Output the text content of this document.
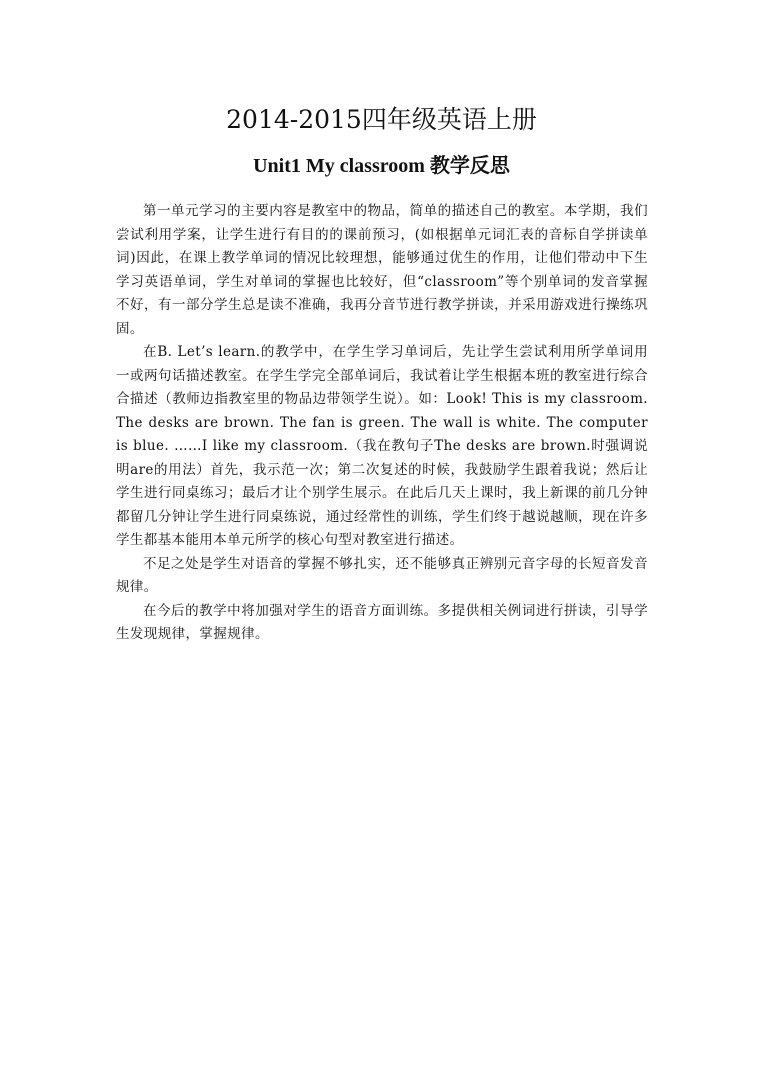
2014-2015四年级英语上册
Unit1 My classroom 教学反思

第一单元学习的主要内容是教室中的物品，简单的描述自己的教室。本学期，我们尝试利用学案，让学生进行有目的的课前预习，(如根据单元词汇表的音标自学拼读单词)因此，在课上教学单词的情况比较理想，能够通过优生的作用，让他们带动中下生学习英语单词，学生对单词的掌握也比较好，但“classroom”等个别单词的发音掌握不好，有一部分学生总是读不准确，我再分音节进行教学拼读，并采用游戏进行操练巩固。

在B. Let’s learn.的教学中，在学生学习单词后，先让学生尝试利用所学单词用一或两句话描述教室。在学生学完全部单词后，我试着让学生根据本班的教室进行综合合描述（教师边指教室里的物品边带领学生说）。如：Look! This is my classroom. The desks are brown. The fan is green. The wall is white. The computer is blue. ……I like my classroom.（我在教句子The desks are brown.时强调说明are的用法）首先，我示范一次；第二次复述的时候，我鼓励学生跟着我说；然后让学生进行同桌练习；最后才让个别学生展示。在此后几天上课时，我上新课的前几分钟都留几分钟让学生进行同桌练说，通过经常性的训练，学生们终于越说越顺，现在许多学生都基本能用本单元所学的核心句型对教室进行描述。

不足之处是学生对语音的掌握不够扎实，还不能够真正辨别元音字母的长短音发音规律。

在今后的教学中将加强对学生的语音方面训练。多提供相关例词进行拼读，引导学生发现规律，掌握规律。
